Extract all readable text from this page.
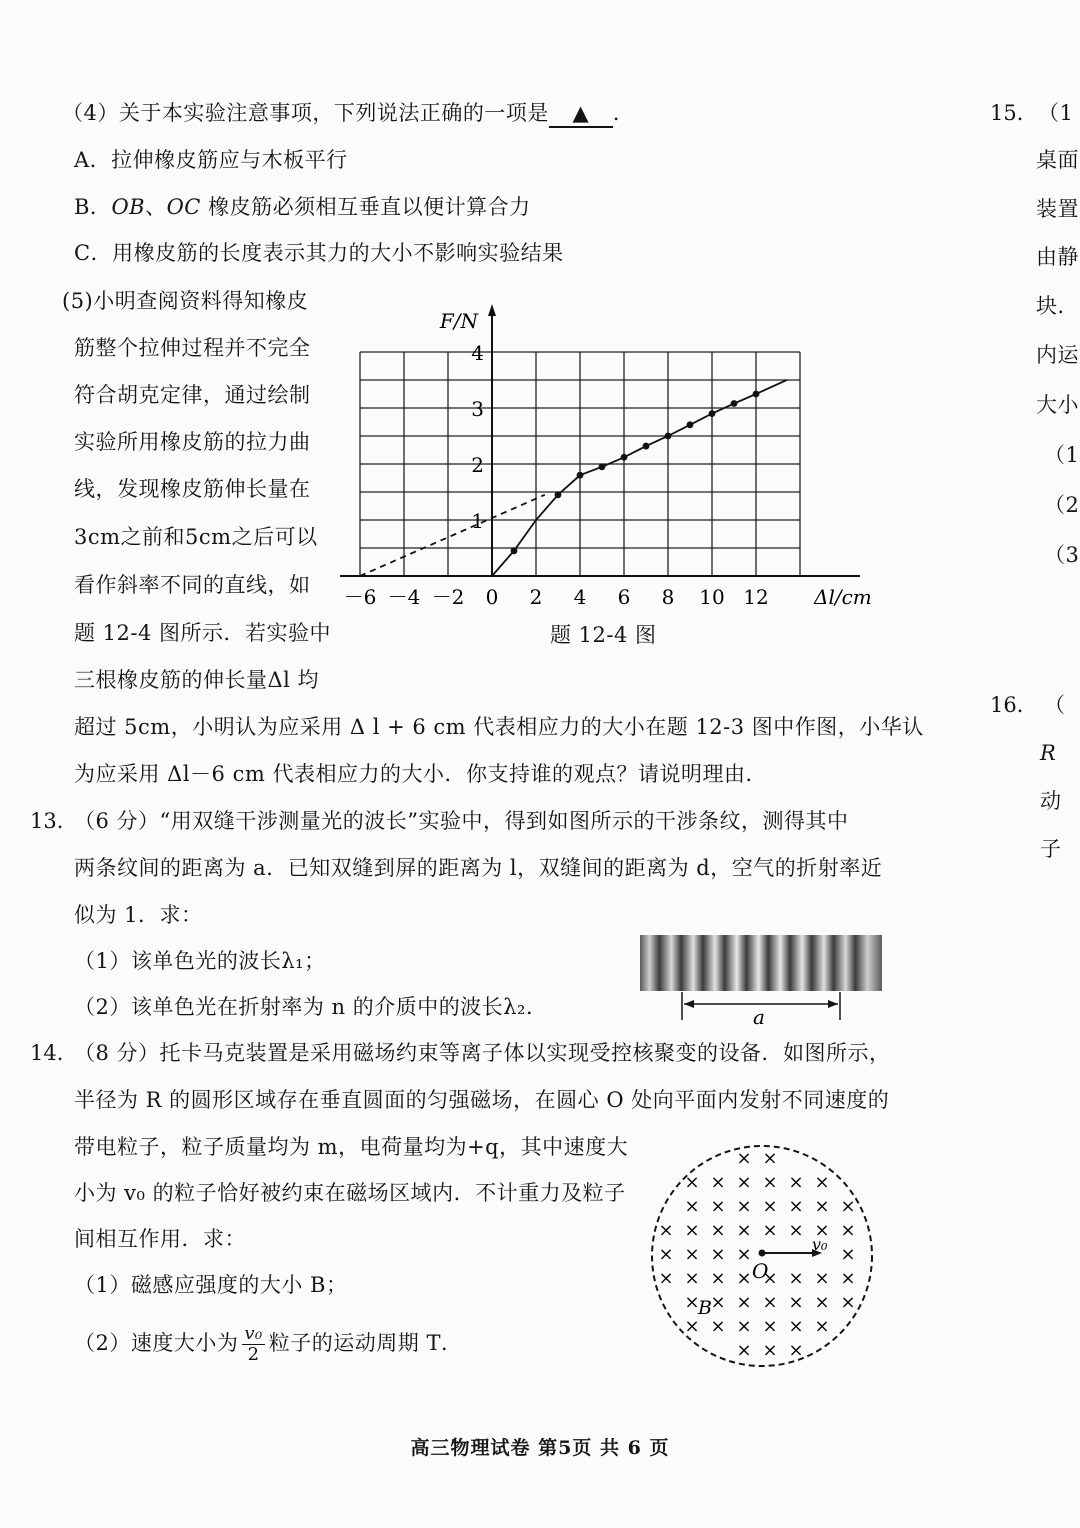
（4）关于本实验注意事项，下列说法正确的一项是 ▲ ．
A．拉伸橡皮筋应与木板平行
B．OB、OC 橡皮筋必须相互垂直以便计算合力
C．用橡皮筋的长度表示其力的大小不影响实验结果
(5)小明查阅资料得知橡皮
筋整个拉伸过程并不完全
符合胡克定律，通过绘制
实验所用橡皮筋的拉力曲
线，发现橡皮筋伸长量在
3cm之前和5cm之后可以
看作斜率不同的直线，如
题 12-4 图所示．若实验中
三根橡皮筋的伸长量Δl 均
超过 5cm，小明认为应采用 Δ l + 6 cm 代表相应力的大小在题 12-3 图中作图，小华认
为应采用 Δl－6 cm 代表相应力的大小．你支持谁的观点？请说明理由．
－6 －4 －2 0 2 4 6 8 10 12
1
2
3
4
Δl/cm
F/N
题 12-4 图
13. （6 分）“用双缝干涉测量光的波长”实验中，得到如图所示的干涉条纹，测得其中
两条纹间的距离为 a．已知双缝到屏的距离为 l，双缝间的距离为 d，空气的折射率近
似为 1．求：
（1）该单色光的波长λ₁；
（2）该单色光在折射率为 n 的介质中的波长λ₂．	a
14. （8 分）托卡马克装置是采用磁场约束等离子体以实现受控核聚变的设备．如图所示，
半径为 R 的圆形区域存在垂直圆面的匀强磁场，在圆心 O 处向平面内发射不同速度的
带电粒子，粒子质量均为 m，电荷量均为+q，其中速度大
小为 v₀ 的粒子恰好被约束在磁场区域内．不计重力及粒子
间相互作用．求：
（1）磁感应强度的大小 B；
（2）速度大小为 $\frac{\text{v₀}}{2}$ 粒子的运动周期 T．
× ×
× × × × × ×
× × × × × × ×
× × × × × × × ×
× × × ×	×
× × × × × × × ×
× × × × × × ×
× × × × × ×
× × ×
O
B
v₀
15． （1
桌面
装置
由静
块．
内运
大小
（1
（2
（3
16． （
R
动
子
高三物理试卷 第5页 共 6 页
